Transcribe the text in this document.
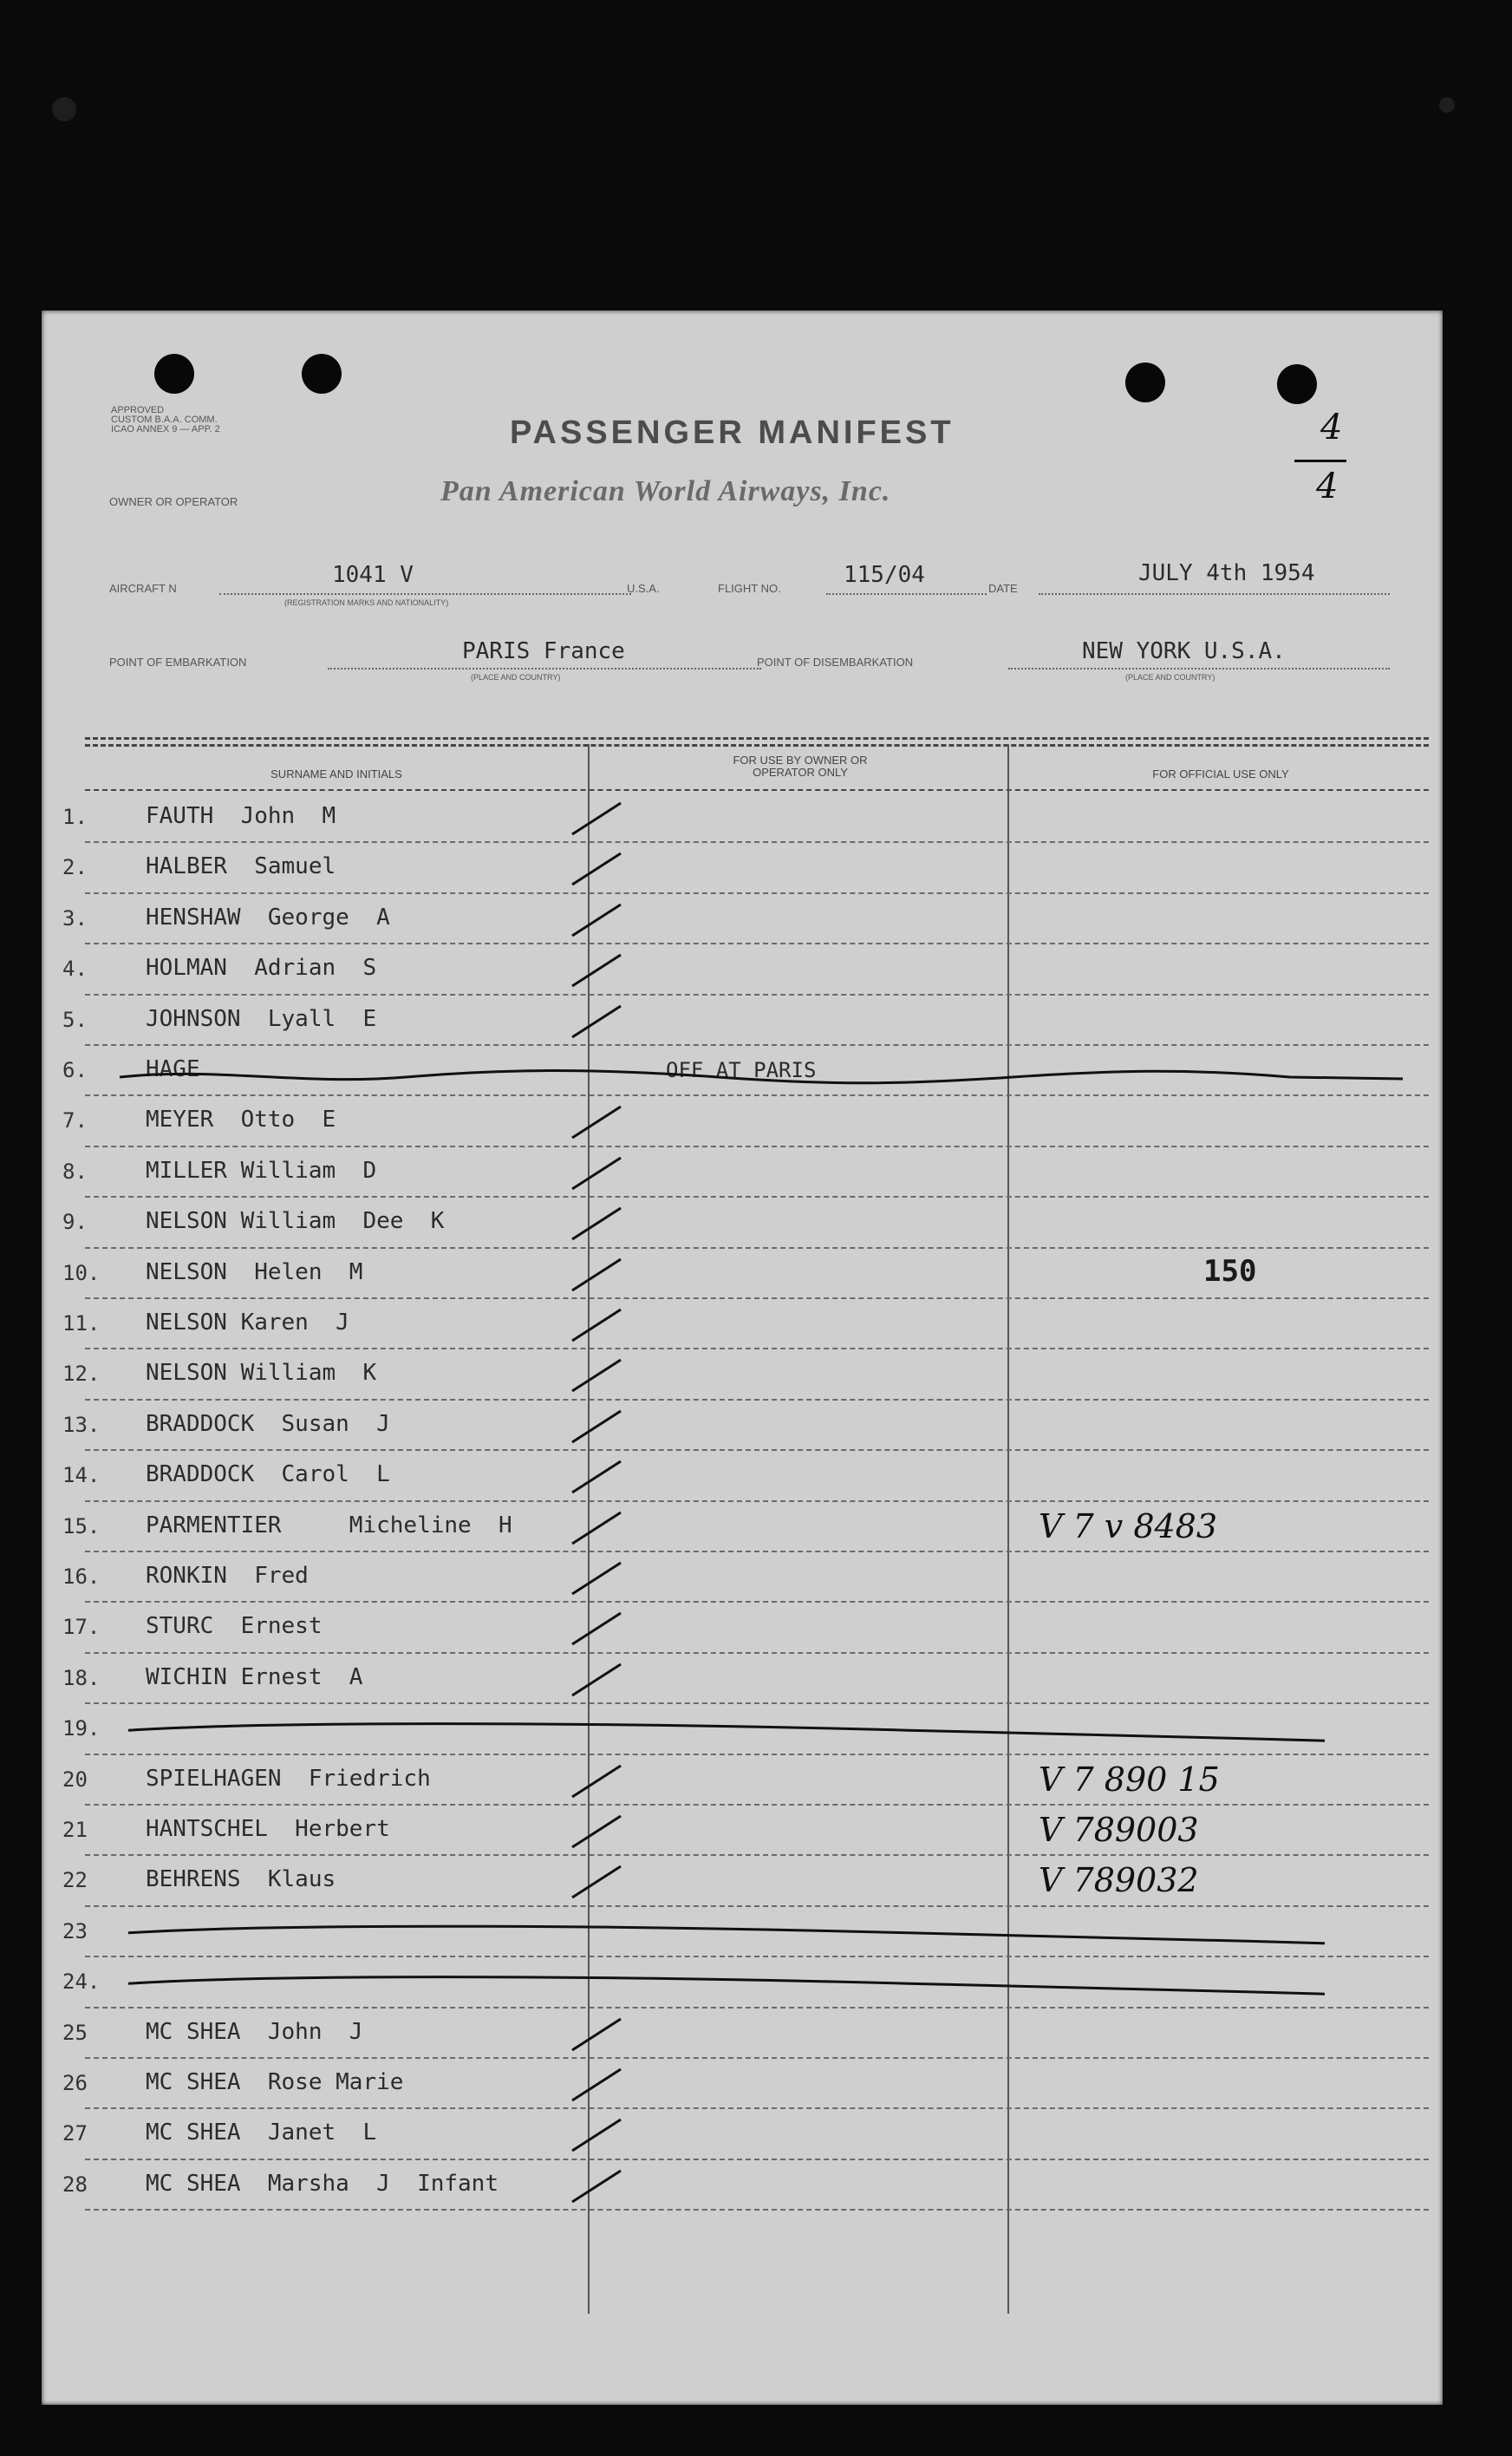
APPROVED
CUSTOM B.A.A. COMM.
ICAO ANNEX 9 — APP. 2	PASSENGER MANIFEST	4
4
OWNER OR OPERATOR	Pan American World Airways, Inc.
AIRCRAFT N
1041 V
(REGISTRATION MARKS AND NATIONALITY)
U.S.A.	FLIGHT NO.
115/04
DATE
JULY 4th 1954
POINT OF EMBARKATION	PARIS France
(PLACE AND COUNTRY)
POINT OF DISEMBARKATION	NEW YORK U.S.A.
(PLACE AND COUNTRY)
SURNAME AND INITIALS
FOR USE BY OWNER OR OPERATOR ONLY	FOR OFFICIAL USE ONLY
1.	FAUTH  John  M
2.	HALBER  Samuel
3.	HENSHAW  George  A
4.	HOLMAN  Adrian  S
5.	JOHNSON  Lyall  E
6.	HAGE	OFF AT PARIS
7.	MEYER  Otto  E
8.	MILLER William  D
9.	NELSON William  Dee  K
10.	NELSON  Helen  M	150
11.	NELSON Karen  J
12.	NELSON William  K
13.	BRADDOCK  Susan  J
14.	BRADDOCK  Carol  L
15.	PARMENTIER     Micheline  H	V 7 v 8483
16.	RONKIN  Fred
17.	STURC  Ernest
18.	WICHIN Ernest  A
19.
20	SPIELHAGEN  Friedrich	V 7 890 15
21	HANTSCHEL  Herbert	V 789003
22	BEHRENS  Klaus	V 789032
23
24.
25	MC SHEA  John  J
26	MC SHEA  Rose Marie
27	MC SHEA  Janet  L
28	MC SHEA  Marsha  J  Infant
